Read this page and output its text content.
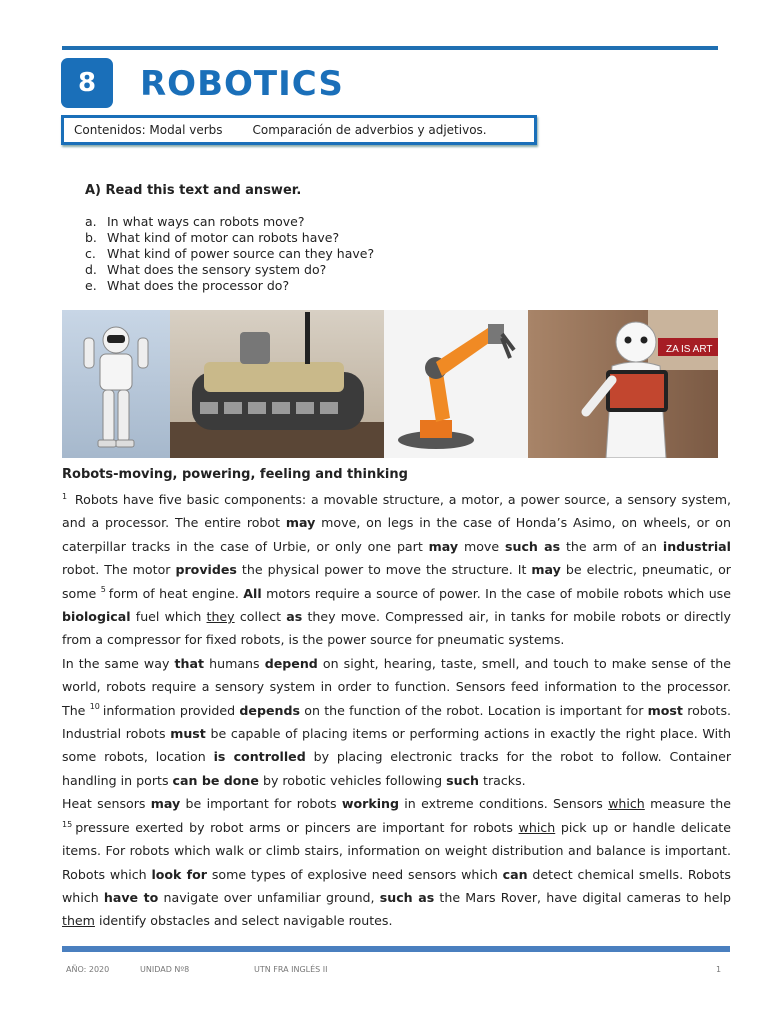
8	ROBOTICS
Contenidos: Modal verbs	Comparación de adverbios y adjetivos.
A) Read this text and answer.
a. In what ways can robots move?
b. What kind of motor can robots have?
c. What kind of power source can they have?
d. What does the sensory system do?
e. What does the processor do?
ZA IS ART
Robots-moving, powering, feeling and thinking

$^1$ Robots have five basic components: a movable structure, a motor, a power source, a sensory system, and a processor. The entire robot may move, on legs in the case of Honda’s Asimo, on wheels, or on caterpillar tracks in the case of Urbie, or only one part may move such as the arm of an industrial robot. The motor provides the physical power to move the structure. It may be electric, pneumatic, or some $^5$ form of heat engine. All motors require a source of power. In the case of mobile robots which use biological fuel which they collect as they move. Compressed air, in tanks for mobile robots or directly from a compressor for fixed robots, is the power source for pneumatic systems.

In the same way that humans depend on sight, hearing, taste, smell, and touch to make sense of the world, robots require a sensory system in order to function. Sensors feed information to the processor. The $^{10}$ information provided depends on the function of the robot. Location is important for most robots. Industrial robots must be capable of placing items or performing actions in exactly the right place. With some robots, location is controlled by placing electronic tracks for the robot to follow. Container handling in ports can be done by robotic vehicles following such tracks.

Heat sensors may be important for robots working in extreme conditions. Sensors which measure the $^{15}$ pressure exerted by robot arms or pincers are important for robots which pick up or handle delicate items. For robots which walk or climb stairs, information on weight distribution and balance is important. Robots which look for some types of explosive need sensors which can detect chemical smells. Robots which have to navigate over unfamiliar ground, such as the Mars Rover, have digital cameras to help them identify obstacles and select navigable routes.

AÑO: 2020	UNIDAD Nº8	UTN FRA INGLÉS II	1
